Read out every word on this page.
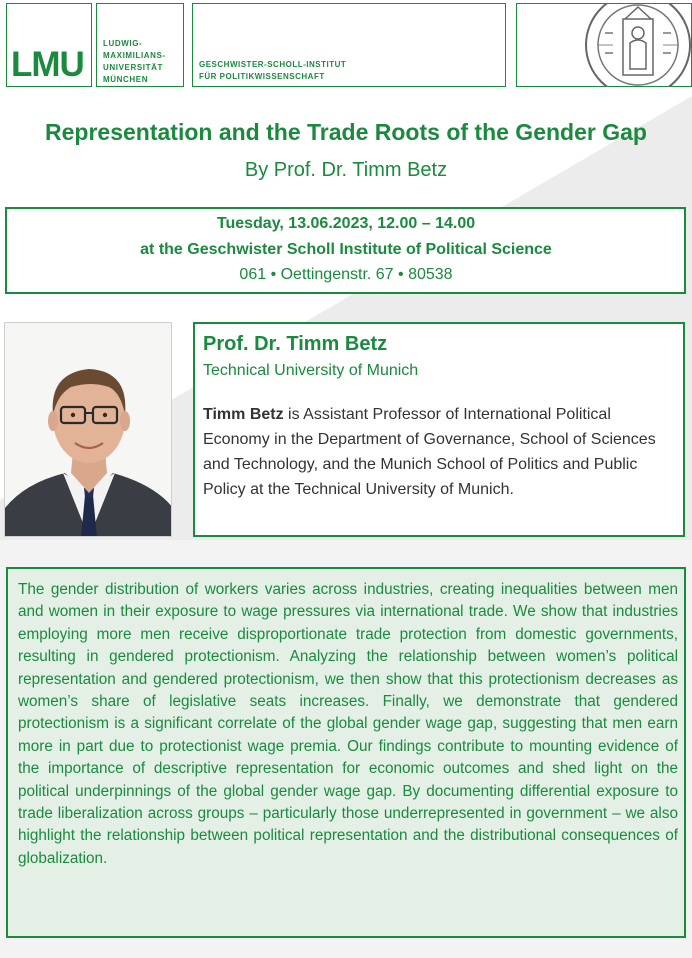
LMU
LUDWIG-
MAXIMILIANS-
UNIVERSITÄT
MÜNCHEN
GESCHWISTER-SCHOLL-INSTITUT
FÜR POLITIKWISSENSCHAFT
Representation and the Trade Roots of the Gender Gap
By Prof. Dr. Timm Betz
Tuesday, 13.06.2023, 12.00 – 14.00
at the Geschwister Scholl Institute of Political Science
061 • Oettingenstr. 67 • 80538
Prof. Dr. Timm Betz
Technical University of Munich
Timm Betz is Assistant Professor of International Political Economy in the Department of Governance, School of Sciences and Technology, and the Munich School of Politics and Public Policy at the Technical University of Munich.
The gender distribution of workers varies across industries, creating inequalities between men and women in their exposure to wage pressures via international trade. We show that industries employing more men receive disproportionate trade protection from domestic governments, resulting in gendered protectionism. Analyzing the relationship between women’s political representation and gendered protectionism, we then show that this protectionism decreases as women’s share of legislative seats increases. Finally, we demonstrate that gendered protectionism is a significant correlate of the global gender wage gap, suggesting that men earn more in part due to protectionist wage premia. Our findings contribute to mounting evidence of the importance of descriptive representation for economic outcomes and shed light on the political underpinnings of the global gender wage gap. By documenting differential exposure to trade liberalization across groups – particularly those underrepresented in government – we also highlight the relationship between political representation and the distributional consequences of globalization.
